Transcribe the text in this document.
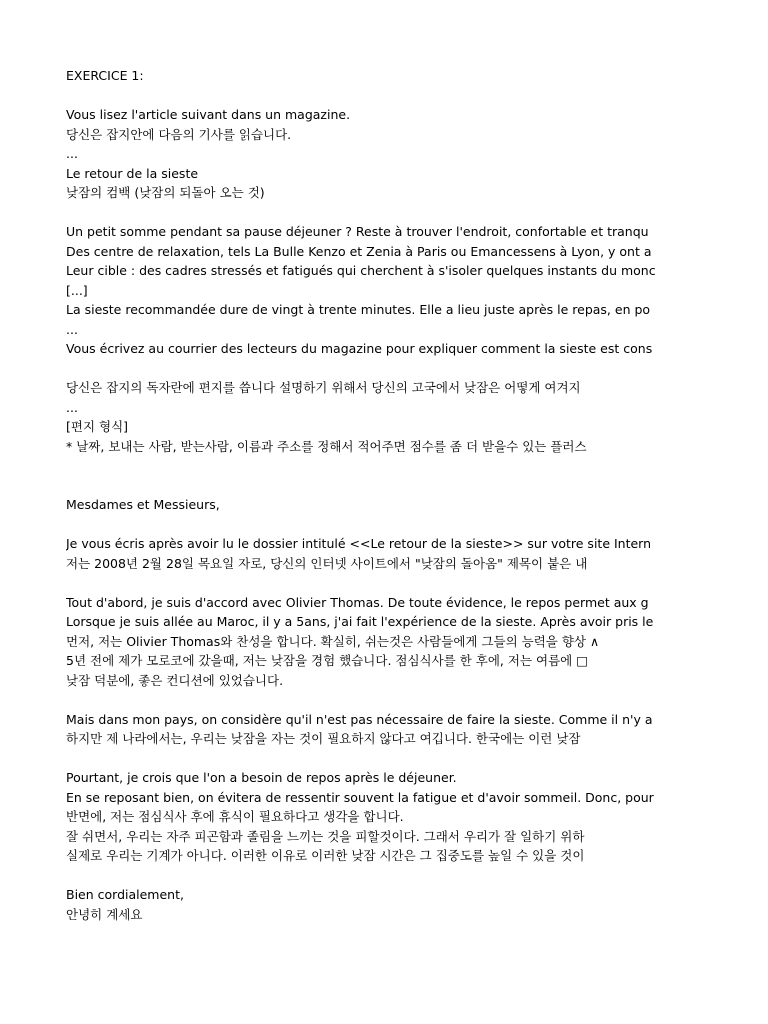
EXERCICE 1:
Vous lisez l'article suivant dans un magazine.
당신은 잡지안에 다음의 기사를 읽습니다.
...
Le retour de la sieste
낮잠의 컴백 (낮잠의 되돌아 오는 것)
Un petit somme pendant sa pause déjeuner ? Reste à trouver l'endroit, confortable et tranqu
Des centre de relaxation, tels La Bulle Kenzo et Zenia à Paris ou Emancessens à Lyon, y ont a
Leur cible : des cadres stressés et fatigués qui cherchent à s'isoler quelques instants du monc
[...]
La sieste recommandée dure de vingt à trente minutes. Elle a lieu juste après le repas, en po
...
Vous écrivez au courrier des lecteurs du magazine pour expliquer comment la sieste est cons
당신은 잡지의 독자란에 편지를 씁니다 설명하기 위해서 당신의 고국에서 낮잠은 어떻게 여겨지
...
[편지 형식]
* 날짜, 보내는 사람, 받는사람, 이름과 주소를 정해서 적어주면 점수를 좀 더 받을수 있는 플러스
Mesdames et Messieurs,
Je vous écris après avoir lu le dossier intitulé <<Le retour de la sieste>> sur votre site Intern
저는 2008년 2월 28일 목요일 자로, 당신의 인터넷 사이트에서 "낮잠의 돌아옴" 제목이 붙은 내
Tout d'abord, je suis d'accord avec Olivier Thomas. De toute évidence, le repos permet aux g
Lorsque je suis allée au Maroc, il y a 5ans, j'ai fait l'expérience de la sieste. Après avoir pris le
먼저, 저는 Olivier Thomas와 찬성을 합니다. 확실히, 쉬는것은 사람들에게 그들의 능력을 향상 ∧
5년 전에 제가 모로코에 갔을때, 저는 낮잠을 경험 했습니다. 점심식사를 한 후에, 저는 여름에 □
낮잠 덕분에, 좋은 컨디션에 있었습니다.
Mais dans mon pays, on considère qu'il n'est pas nécessaire de faire la sieste. Comme il n'y a
하지만 제 나라에서는, 우리는 낮잠을 자는 것이 필요하지 않다고 여깁니다. 한국에는 이런 낮잠
Pourtant, je crois que l'on a besoin de repos après le déjeuner.
En se reposant bien, on évitera de ressentir souvent la fatigue et d'avoir sommeil. Donc, pour
반면에, 저는 점심식사 후에 휴식이 필요하다고 생각을 합니다.
잘 쉬면서, 우리는 자주 피곤함과 졸림을 느끼는 것을 피할것이다. 그래서 우리가 잘 일하기 위하
실제로 우리는 기계가 아니다. 이러한 이유로 이러한 낮잠 시간은 그 집중도를 높일 수 있을 것이
Bien cordialement,
안녕히 계세요
